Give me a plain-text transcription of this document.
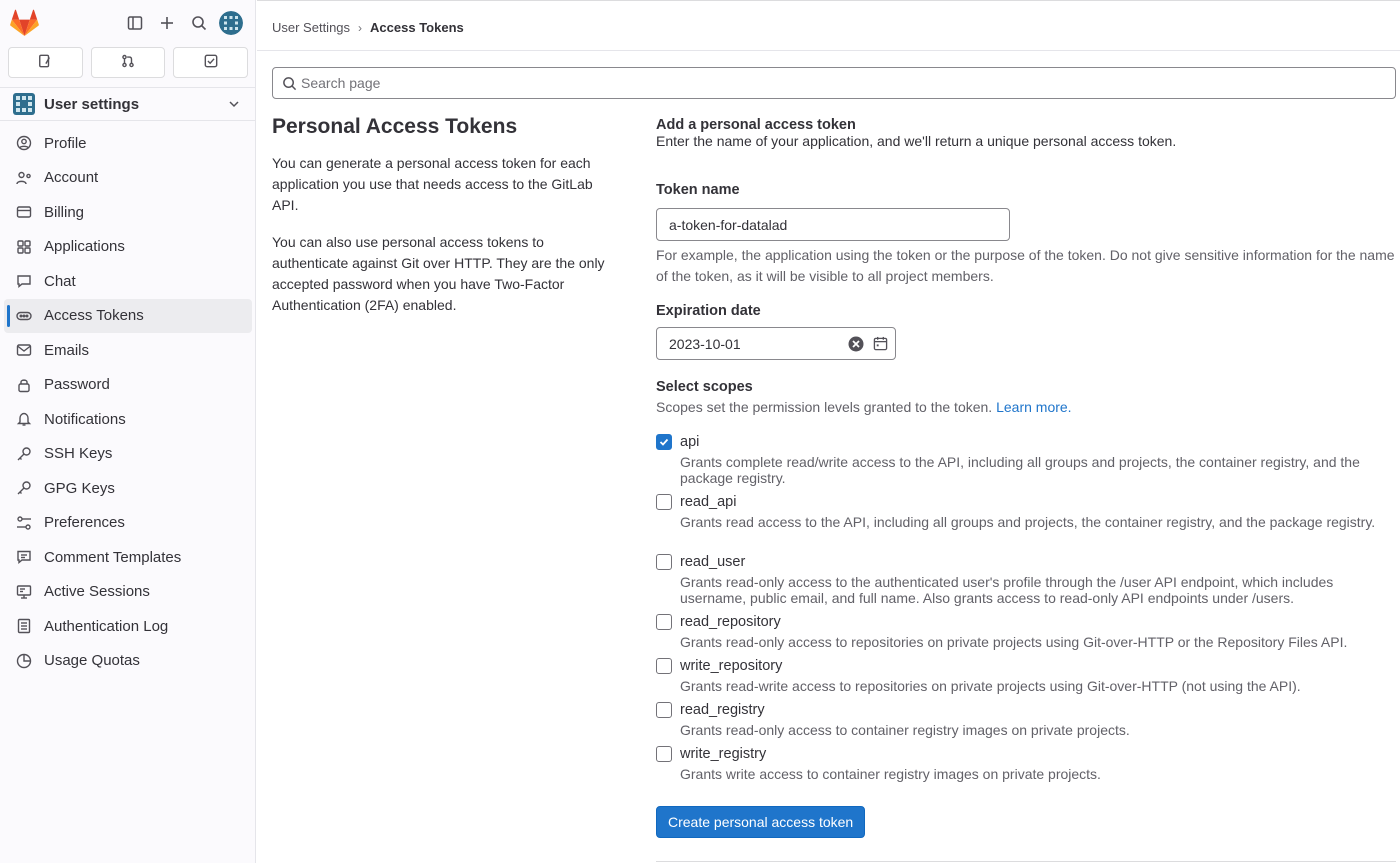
User settings
Profile
Account
Billing
Applications
Chat
Access Tokens
Emails
Password
Notifications
SSH Keys
GPG Keys
Preferences
Comment Templates
Active Sessions
Authentication Log
Usage Quotas
User Settings › Access Tokens
Search page
Personal Access Tokens

You can generate a personal access token for each application you use that needs access to the GitLab API.

You can also use personal access tokens to authenticate against Git over HTTP. They are the only accepted password when you have Two-Factor Authentication (2FA) enabled.

Add a personal access token
Enter the name of your application, and we'll return a unique personal access token.
Token name
a-token-for-datalad
For example, the application using the token or the purpose of the token. Do not give sensitive information for the name of the token, as it will be visible to all project members.
Expiration date
2023-10-01
Select scopes
Scopes set the permission levels granted to the token. Learn more.
api
Grants complete read/write access to the API, including all groups and projects, the container registry, and the package registry.
read_api
Grants read access to the API, including all groups and projects, the container registry, and the package registry.
read_user
Grants read-only access to the authenticated user's profile through the /user API endpoint, which includes username, public email, and full name. Also grants access to read-only API endpoints under /users.
read_repository
Grants read-only access to repositories on private projects using Git-over-HTTP or the Repository Files API.
write_repository
Grants read-write access to repositories on private projects using Git-over-HTTP (not using the API).
read_registry
Grants read-only access to container registry images on private projects.
write_registry
Grants write access to container registry images on private projects.
Create personal access token
